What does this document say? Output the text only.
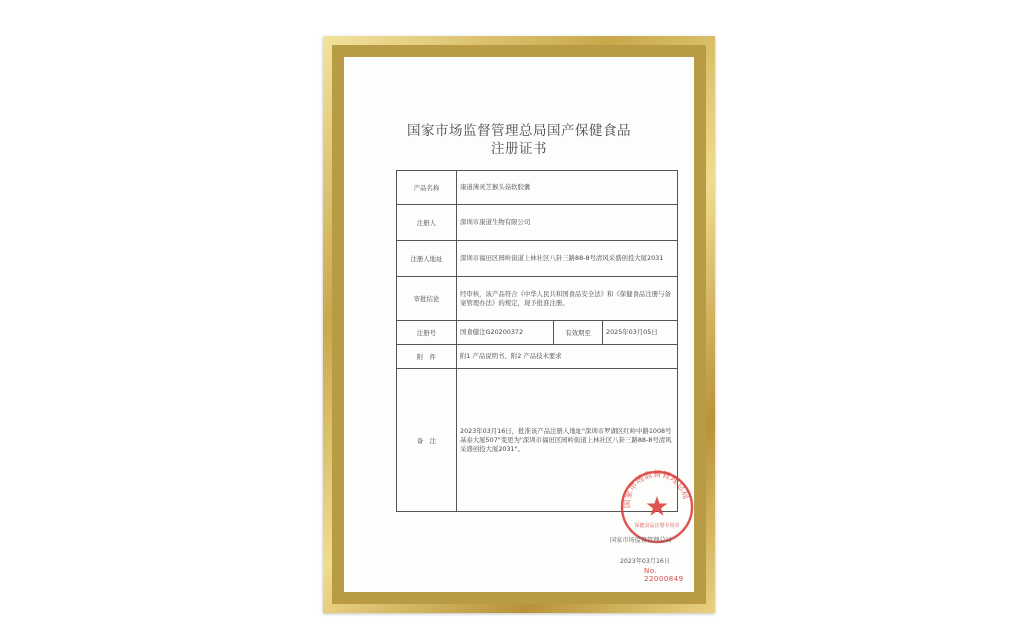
国家市场监督管理总局国产保健食品
注册证书
产品名称	康道薄灵芝猴头菇软胶囊		
注册人	深圳市康道生物有限公司		
注册人地址	深圳市福田区园岭街道上林社区八卦三路88-8号清风采盛创投大厦2031		
审批结论	经审核，该产品符合《中华人民共和国食品安全法》和《保健食品注册与备案管理办法》的规定，现予批准注册。		
注册号	国食健注G20200372	有效期至	2025年03月05日
附　件	附1 产品说明书、附2 产品技术要求		
备　注	2023年03月16日，批准该产品注册人地址"深圳市罗湖区红岭中路1008号基泰大厦507"变更为"深圳市福田区园岭街道上林社区八卦三路88-8号清风采盛创投大厦2031"。		
国家市场监督管理总局
保健食品注册专用章
国家市场监督管理总局
2023年03月16日
No. 22000849
